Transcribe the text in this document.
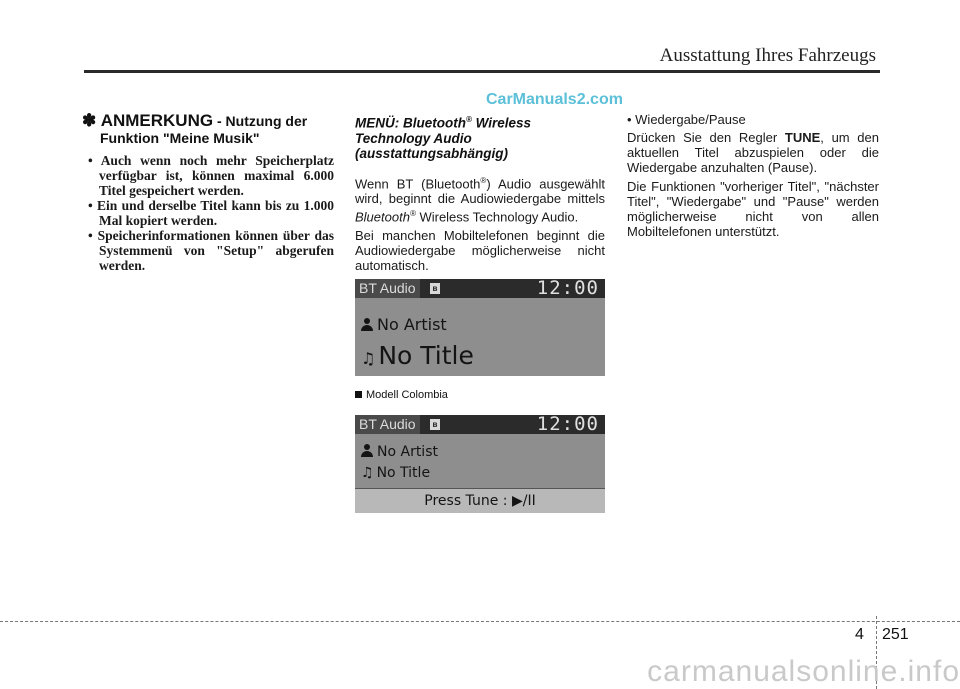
Ausstattung Ihres Fahrzeugs
CarManuals2.com
✽ ANMERKUNG - Nutzung der
Funktion "Meine Musik"
• Auch wenn noch mehr Speicherplatz verfügbar ist, können maximal 6.000 Titel gespeichert werden.
• Ein und derselbe Titel kann bis zu 1.000 Mal kopiert werden.
• Speicherinformationen können über das Systemmenü von "Setup" abgerufen werden.
MENÜ: Bluetooth® Wireless Technology Audio
(ausstattungsabhängig)

Wenn BT (Bluetooth®) Audio ausgewählt wird, beginnt die Audiowiedergabe mittels Bluetooth® Wireless Technology Audio.

Bei manchen Mobiltelefonen beginnt die Audiowiedergabe möglicherweise nicht automatisch.

BT Audio	ʙ	12:00
No Artist
♫ No Title
Modell Colombia
BT Audio	ʙ	12:00
No Artist
♫ No Title
Press Tune : ▶/II
• Wiedergabe/Pause

Drücken Sie den Regler TUNE, um den aktuellen Titel abzuspielen oder die Wiedergabe anzuhalten (Pause).

Die Funktionen "vorheriger Titel", "nächster Titel", "Wiedergabe" und "Pause" werden möglicherweise nicht von allen Mobiltelefonen unterstützt.

4 251
carmanualsonline.info
